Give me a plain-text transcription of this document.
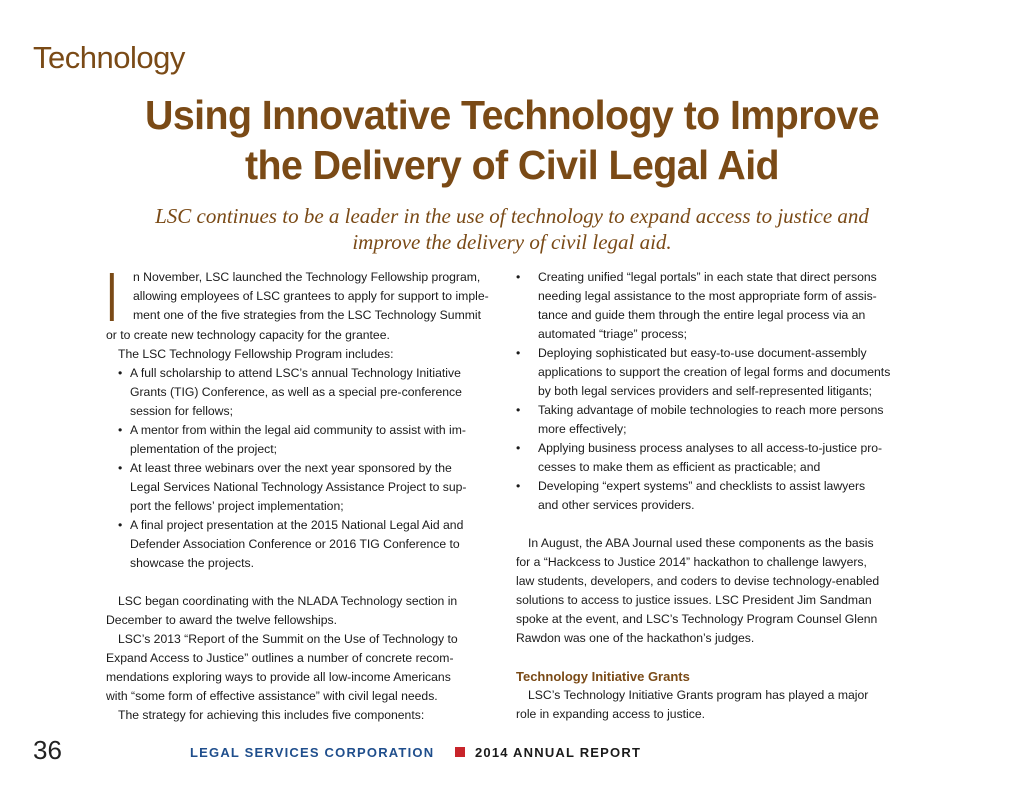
Technology
Using Innovative Technology to Improve
the Delivery of Civil Legal Aid
LSC continues to be a leader in the use of technology to expand access to justice and
improve the delivery of civil legal aid.
I	n November, LSC launched the Technology Fellowship program,
allowing employees of LSC grantees to apply for support to imple-
ment one of the five strategies from the LSC Technology Summit
or to create new technology capacity for the grantee.
The LSC Technology Fellowship Program includes:
• A full scholarship to attend LSC’s annual Technology Initiative
Grants (TIG) Conference, as well as a special pre-conference
session for fellows;
• A mentor from within the legal aid community to assist with im-
plementation of the project;
• At least three webinars over the next year sponsored by the
Legal Services National Technology Assistance Project to sup-
port the fellows’ project implementation;
• A final project presentation at the 2015 National Legal Aid and
Defender Association Conference or 2016 TIG Conference to
showcase the projects.
LSC began coordinating with the NLADA Technology section in
December to award the twelve fellowships.
LSC’s 2013 “Report of the Summit on the Use of Technology to
Expand Access to Justice” outlines a number of concrete recom-
mendations exploring ways to provide all low-income Americans
with “some form of effective assistance” with civil legal needs.
The strategy for achieving this includes five components:
• Creating unified “legal portals” in each state that direct persons
needing legal assistance to the most appropriate form of assis-
tance and guide them through the entire legal process via an
automated “triage” process;
• Deploying sophisticated but easy-to-use document-assembly
applications to support the creation of legal forms and documents
by both legal services providers and self-represented litigants;
• Taking advantage of mobile technologies to reach more persons
more effectively;
• Applying business process analyses to all access-to-justice pro-
cesses to make them as efficient as practicable; and
• Developing “expert systems” and checklists to assist lawyers
and other services providers.
In August, the ABA Journal used these components as the basis
for a “Hackcess to Justice 2014” hackathon to challenge lawyers,
law students, developers, and coders to devise technology-enabled
solutions to access to justice issues. LSC President Jim Sandman
spoke at the event, and LSC’s Technology Program Counsel Glenn
Rawdon was one of the hackathon’s judges.
Technology Initiative Grants
LSC’s Technology Initiative Grants program has played a major
role in expanding access to justice.
36	LEGAL SERVICES CORPORATION	2014 ANNUAL REPORT
